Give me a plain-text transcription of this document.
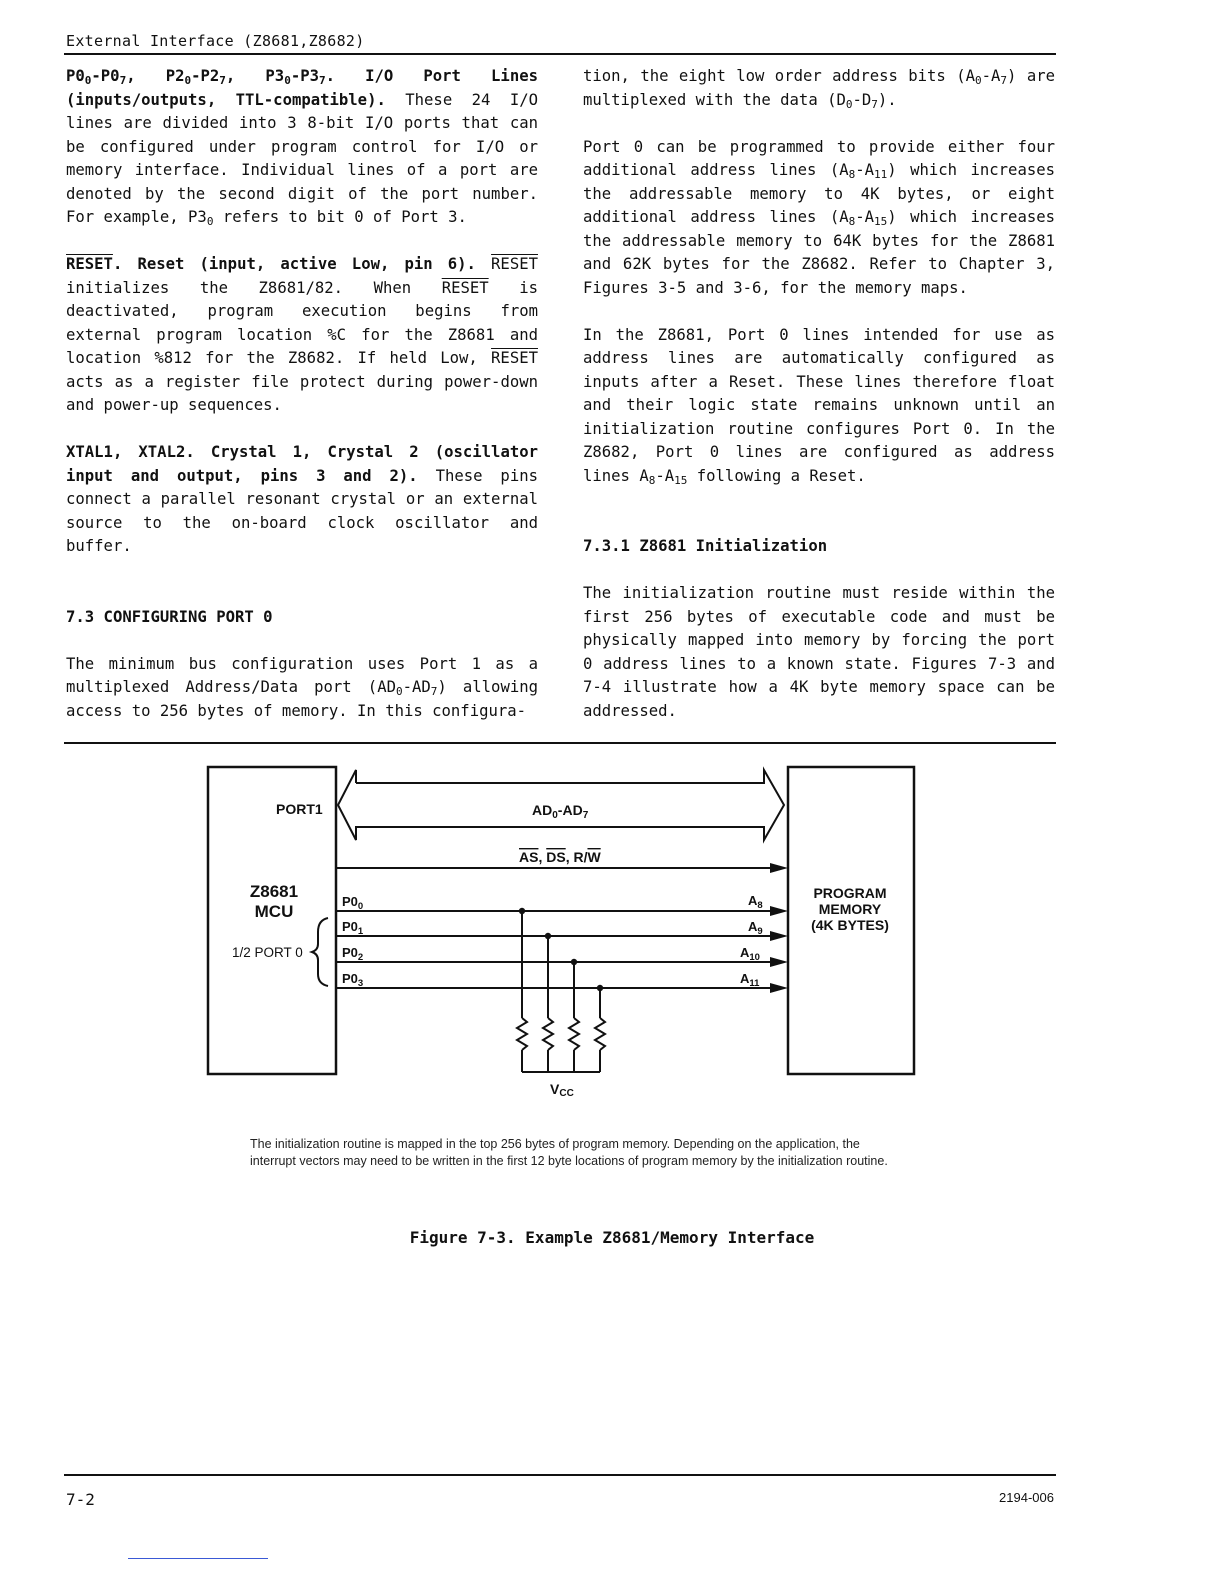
External Interface (Z8681,Z8682)

$P0_0-P0_7$, $P2_0-P2_7$, $P3_0-P3_7$. I/O Port Lines (inputs/outputs, TTL-compatible). These 24 I/O lines are divided into 3 8-bit I/O ports that can be configured under program control for I/O or memory interface. Individual lines of a port are denoted by the second digit of the port number. For example, $P3_0$ refers to bit 0 of Port 3.

RESET. Reset (input, active Low, pin 6). RESET initializes the Z8681/82. When RESET is deactivated, program execution begins from external program location %C for the Z8681 and location %812 for the Z8682. If held Low, RESET acts as a register file protect during power-down and power-up sequences.

XTAL1, XTAL2. Crystal 1, Crystal 2 (oscillator input and output, pins 3 and 2). These pins connect a parallel resonant crystal or an external source to the on-board clock oscillator and buffer.

7.3 CONFIGURING PORT 0

The minimum bus configuration uses Port 1 as a multiplexed Address/Data port $(AD_0-AD_7)$ allowing access to 256 bytes of memory. In this configura-

tion, the eight low order address bits $(A_0-A_7)$ are multiplexed with the data $(D_0-D_7)$.

Port 0 can be programmed to provide either four additional address lines $(A_8-A_{11})$ which increases the addressable memory to 4K bytes, or eight additional address lines $(A_8-A_{15})$ which increases the addressable memory to 64K bytes for the Z8681 and 62K bytes for the Z8682. Refer to Chapter 3, Figures 3-5 and 3-6, for the memory maps.

In the Z8681, Port 0 lines intended for use as address lines are automatically configured as inputs after a Reset. These lines therefore float and their logic state remains unknown until an initialization routine configures Port 0. In the Z8682, Port 0 lines are configured as address lines $A_8-A_{15}$ following a Reset.

7.3.1 Z8681 Initialization

The initialization routine must reside within the first 256 bytes of executable code and must be physically mapped into memory by forcing the port 0 address lines to a known state. Figures 7-3 and 7-4 illustrate how a 4K byte memory space can be addressed.

PORT1	$AD_0-AD_7$
AS, DS, R/W
Z8681
MCU
1/2 PORT 0
$P0_0$
$P0_1$
$P0_2$
$P0_3$
$A_8$
$A_9$
$A_{10}$
$A_{11}$
PROGRAM
MEMORY
(4K BYTES)
VCC
The initialization routine is mapped in the top 256 bytes of program memory. Depending on the application, the interrupt vectors may need to be written in the first 12 byte locations of program memory by the initialization routine.
Figure 7-3. Example Z8681/Memory Interface
7-2	2194-006
